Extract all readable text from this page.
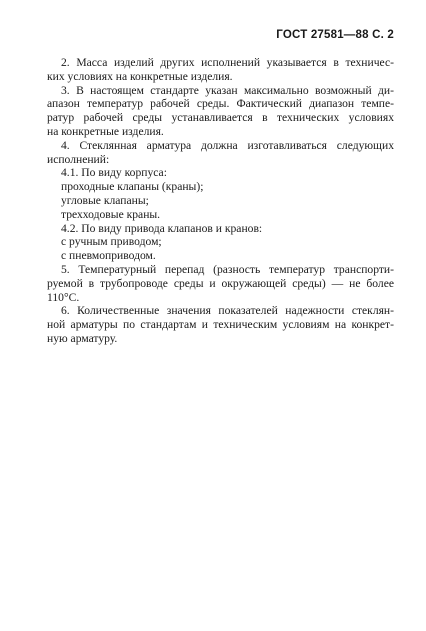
ГОСТ 27581—88 С. 2
2. Масса изделий других исполнений указывается в техничес-
ких условиях на конкретные изделия.
3. В настоящем стандарте указан максимально возможный ди-
апазон температур рабочей среды. Фактический диапазон темпе-
ратур рабочей среды устанавливается в технических условиях
на конкретные изделия.
4. Стеклянная арматура должна изготавливаться следующих
исполнений:
4.1. По виду корпуса:
проходные клапаны (краны);
угловые клапаны;
трехходовые краны.
4.2. По виду привода клапанов и кранов:
с ручным приводом;
с пневмоприводом.
5. Температурный перепад (разность температур транспорти-
руемой в трубопроводе среды и окружающей среды) — не более
110°С.
6. Количественные значения показателей надежности стеклян-
ной арматуры по стандартам и техническим условиям на конкрет-
ную арматуру.
